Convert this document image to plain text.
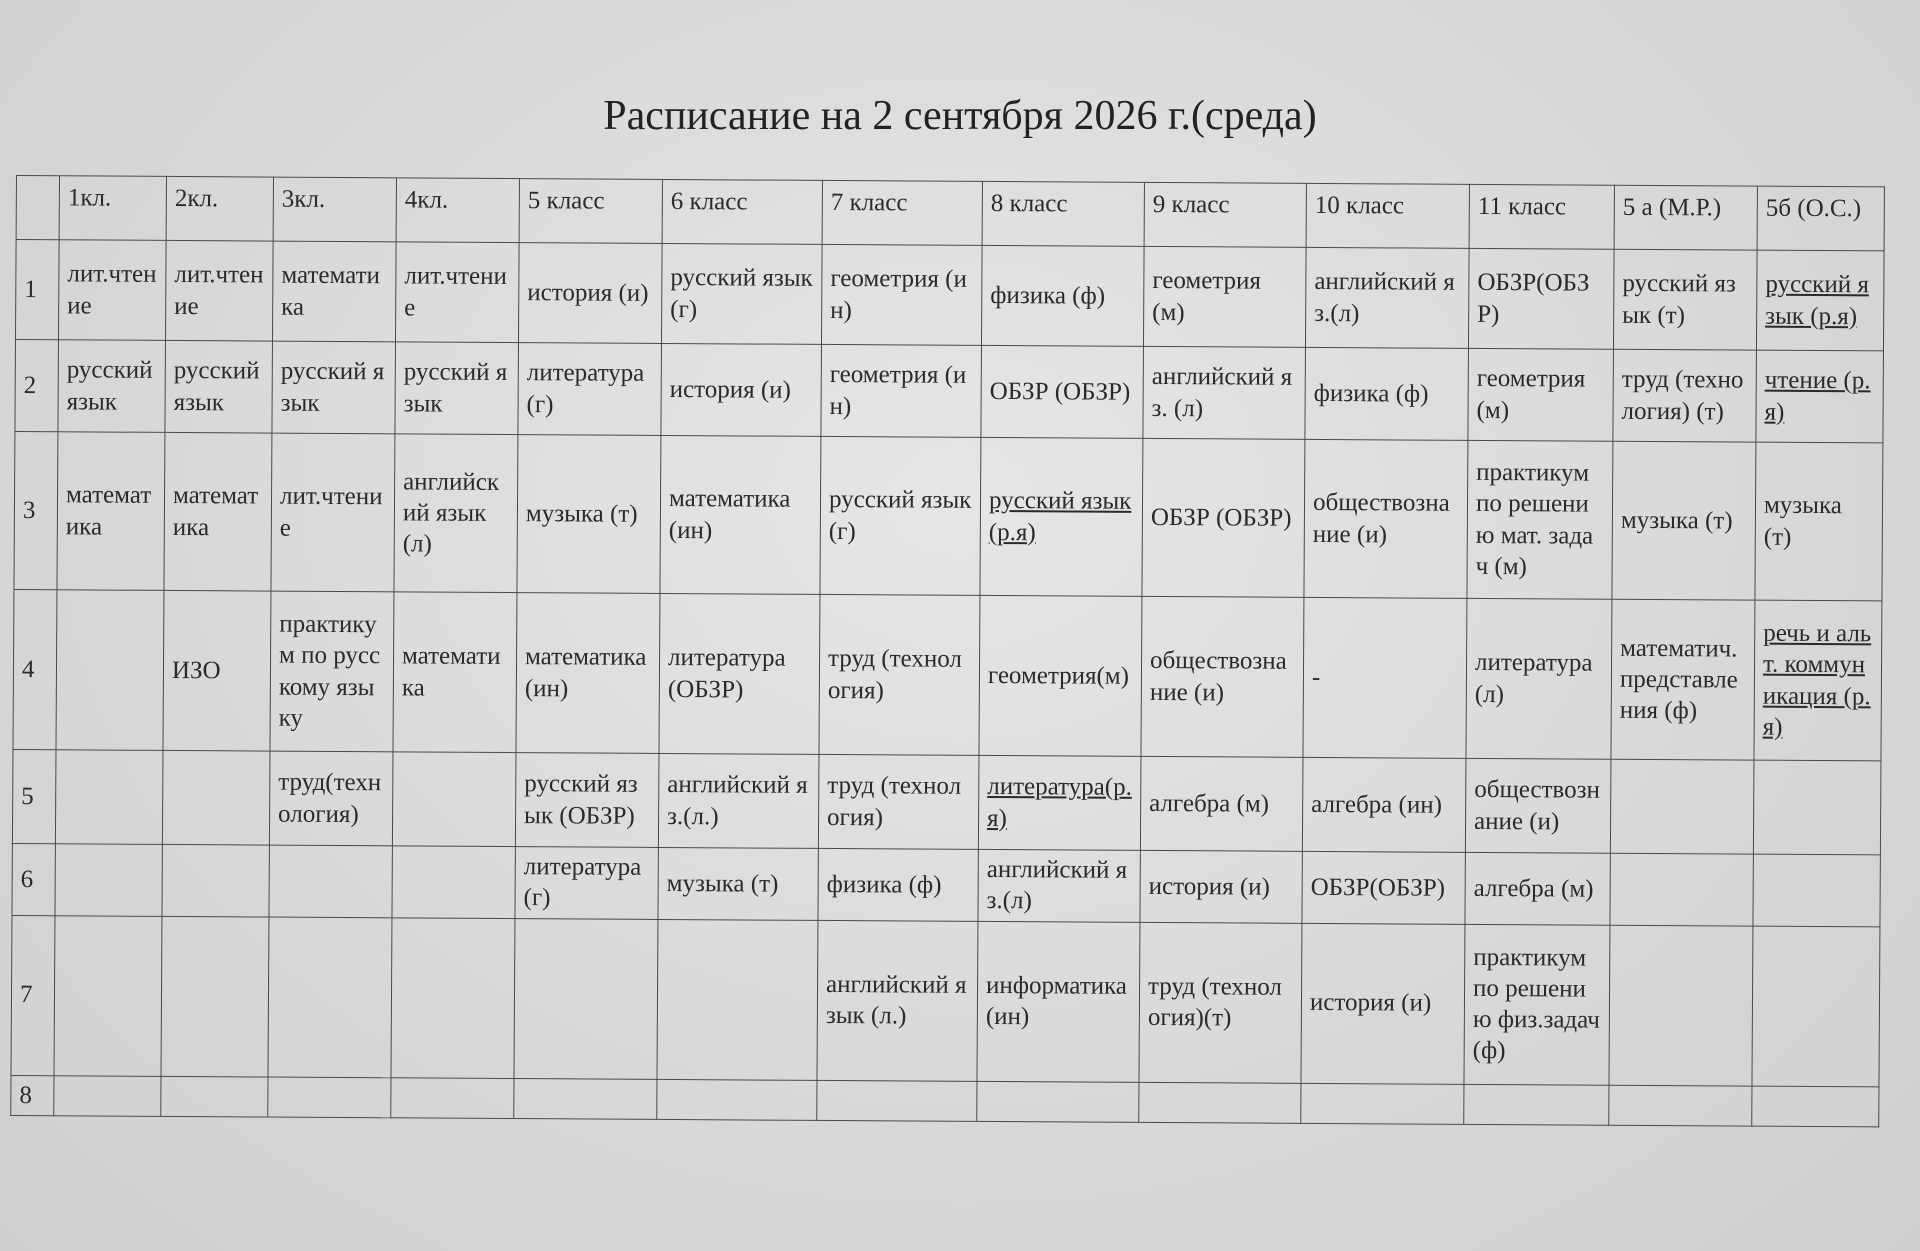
Расписание на 2 сентября 2026 г.(среда)
	1кл.	2кл.	3кл.	4кл.	5 класс	6 класс	7 класс	8 класс	9 класс	10 класс	11 класс	5 а (М.Р.)	5б (О.С.)
1	лит.чтение	лит.чтение	математика	лит.чтение	история (и)	русский язык (г)	геометрия (ин)	физика (ф)	геометрия (м)	английский яз.(л)	ОБЗР(ОБЗР)	русский язык (т)	русский язык (р.я)
2	русский язык	русский язык	русский язык	русский язык	литература (г)	история (и)	геометрия (ин)	ОБЗР (ОБЗР)	английский яз. (л)	физика (ф)	геометрия (м)	труд (технология) (т)	чтение (р.я)
3	математика	математика	лит.чтение	английский язык (л)	музыка (т)	математика (ин)	русский язык (г)	русский язык (р.я)	ОБЗР (ОБЗР)	обществознание (и)	практикум по решению мат. задач (м)	музыка (т)	музыка (т)
4		ИЗО	практикум по русскому языку	математика	математика (ин)	литература (ОБЗР)	труд (технология)	геометрия(м)	обществознание (и)	-	литература (л)	математич. представления (ф)	речь и альт. коммуникация (р.я)
5			труд(технология)		русский язык (ОБЗР)	английский яз.(л.)	труд (технология)	литература(р.я)	алгебра (м)	алгебра (ин)	обществознание (и)		
6					литература (г)	музыка (т)	физика (ф)	английский яз.(л)	история (и)	ОБЗР(ОБЗР)	алгебра (м)		
7							английский язык (л.)	информатика (ин)	труд (технология)(т)	история (и)	практикум по решению физ.задач (ф)		
8													
